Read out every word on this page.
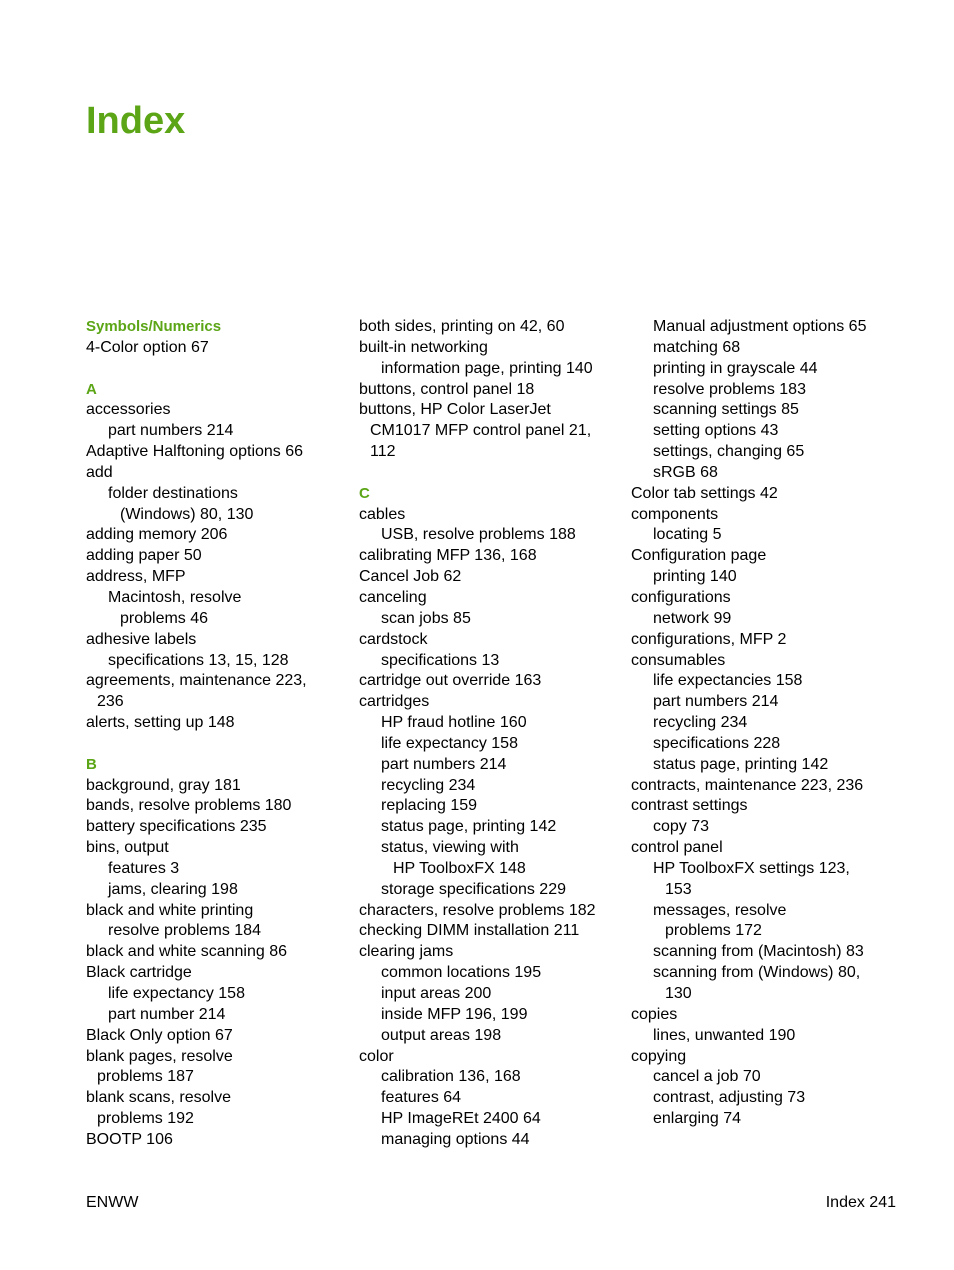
Index
Symbols/Numerics
4-Color option 67
A
accessories
part numbers 214
Adaptive Halftoning options 66
add
folder destinations
(Windows) 80, 130
adding memory 206
adding paper 50
address, MFP
Macintosh, resolve
problems 46
adhesive labels
specifications 13, 15, 128
agreements, maintenance 223,
236
alerts, setting up 148
B
background, gray 181
bands, resolve problems 180
battery specifications 235
bins, output
features 3
jams, clearing 198
black and white printing
resolve problems 184
black and white scanning 86
Black cartridge
life expectancy 158
part number 214
Black Only option 67
blank pages, resolve
problems 187
blank scans, resolve
problems 192
BOOTP 106
both sides, printing on 42, 60
built-in networking
information page, printing 140
buttons, control panel 18
buttons, HP Color LaserJet
CM1017 MFP control panel 21,
112
C
cables
USB, resolve problems 188
calibrating MFP 136, 168
Cancel Job 62
canceling
scan jobs 85
cardstock
specifications 13
cartridge out override 163
cartridges
HP fraud hotline 160
life expectancy 158
part numbers 214
recycling 234
replacing 159
status page, printing 142
status, viewing with
HP ToolboxFX 148
storage specifications 229
characters, resolve problems 182
checking DIMM installation 211
clearing jams
common locations 195
input areas 200
inside MFP 196, 199
output areas 198
color
calibration 136, 168
features 64
HP ImageREt 2400 64
managing options 44
Manual adjustment options 65
matching 68
printing in grayscale 44
resolve problems 183
scanning settings 85
setting options 43
settings, changing 65
sRGB 68
Color tab settings 42
components
locating 5
Configuration page
printing 140
configurations
network 99
configurations, MFP 2
consumables
life expectancies 158
part numbers 214
recycling 234
specifications 228
status page, printing 142
contracts, maintenance 223, 236
contrast settings
copy 73
control panel
HP ToolboxFX settings 123,
153
messages, resolve
problems 172
scanning from (Macintosh) 83
scanning from (Windows) 80,
130
copies
lines, unwanted 190
copying
cancel a job 70
contrast, adjusting 73
enlarging 74
ENWW	Index 241
